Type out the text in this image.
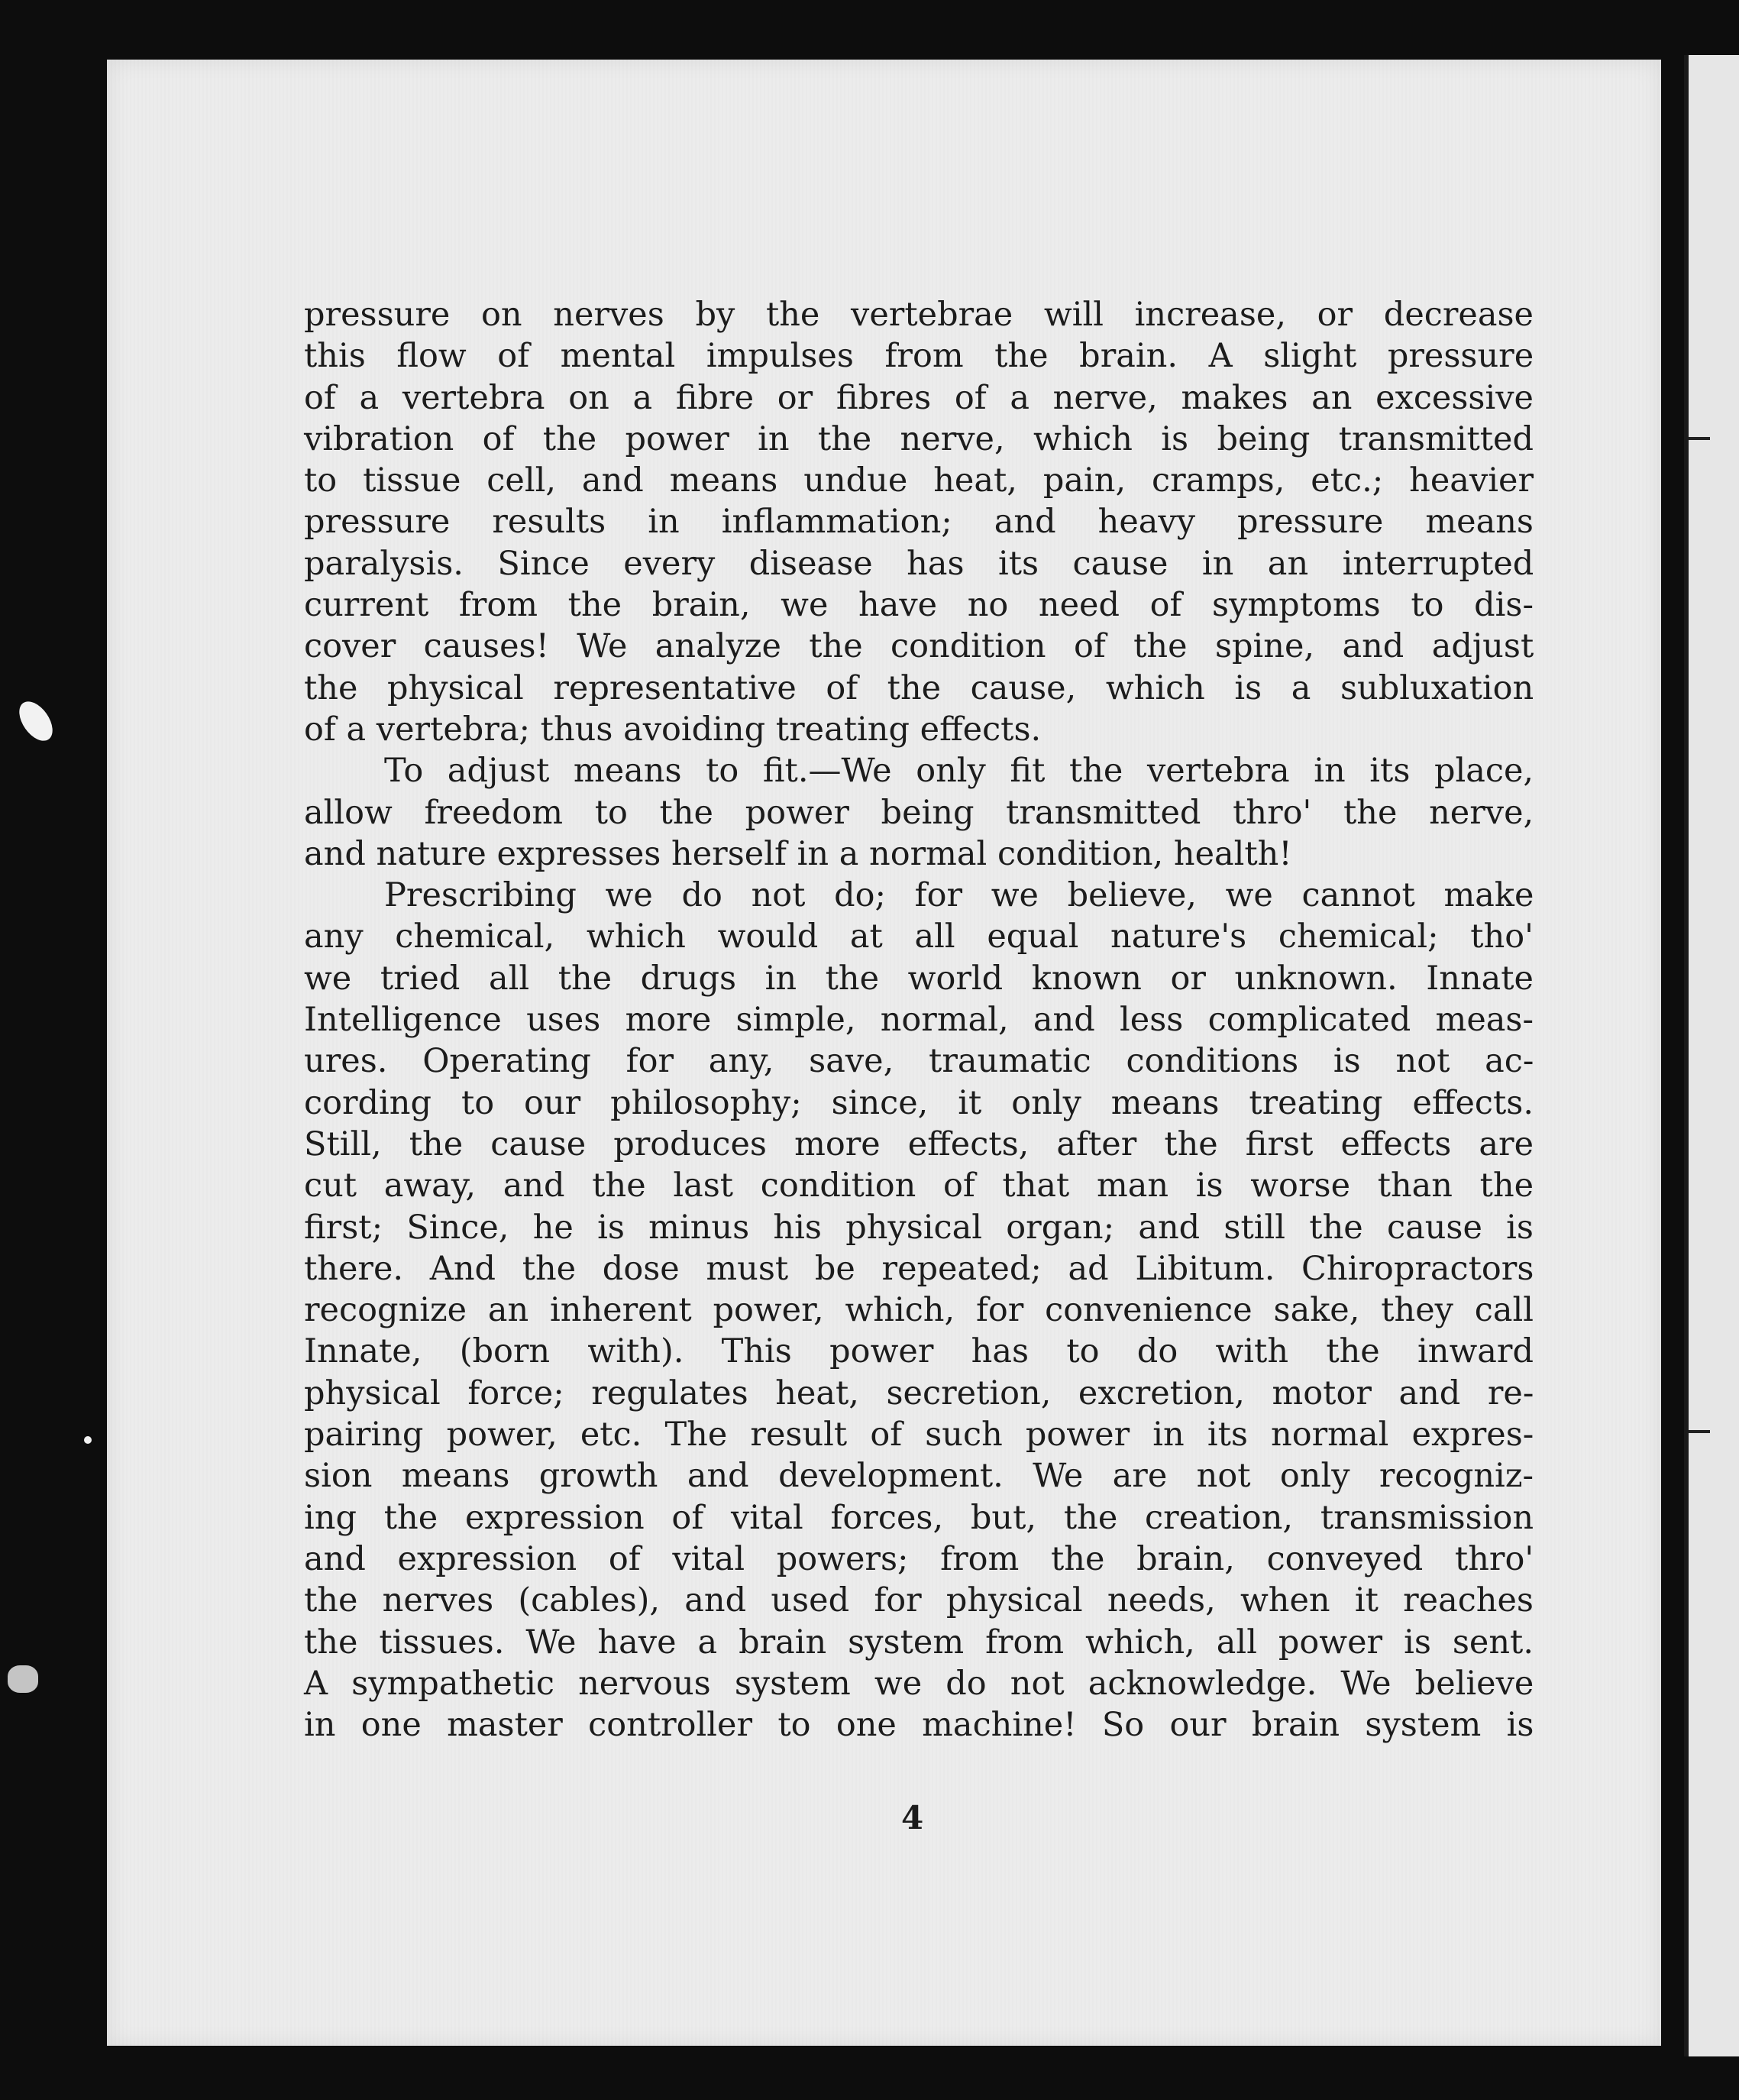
pressure on nerves by the vertebrae will increase, or decrease
this flow of mental impulses from the brain. A slight pressure
of a vertebra on a fibre or fibres of a nerve, makes an excessive
vibration of the power in the nerve, which is being transmitted
to tissue cell, and means undue heat, pain, cramps, etc.; heavier
pressure results in inflammation; and heavy pressure means
paralysis. Since every disease has its cause in an interrupted
current from the brain, we have no need of symptoms to dis-
cover causes! We analyze the condition of the spine, and adjust
the physical representative of the cause, which is a subluxation
of a vertebra; thus avoiding treating effects.

To adjust means to fit.—We only fit the vertebra in its place,
allow freedom to the power being transmitted thro' the nerve,
and nature expresses herself in a normal condition, health!

Prescribing we do not do; for we believe, we cannot make
any chemical, which would at all equal nature's chemical; tho'
we tried all the drugs in the world known or unknown. Innate
Intelligence uses more simple, normal, and less complicated meas-
ures. Operating for any, save, traumatic conditions is not ac-
cording to our philosophy; since, it only means treating effects.
Still, the cause produces more effects, after the first effects are
cut away, and the last condition of that man is worse than the
first; Since, he is minus his physical organ; and still the cause is
there. And the dose must be repeated; ad Libitum. Chiropractors
recognize an inherent power, which, for convenience sake, they call
Innate, (born with). This power has to do with the inward
physical force; regulates heat, secretion, excretion, motor and re-
pairing power, etc. The result of such power in its normal expres-
sion means growth and development. We are not only recogniz-
ing the expression of vital forces, but, the creation, transmission
and expression of vital powers; from the brain, conveyed thro'
the nerves (cables), and used for physical needs, when it reaches
the tissues. We have a brain system from which, all power is sent.
A sympathetic nervous system we do not acknowledge. We believe
in one master controller to one machine! So our brain system is

4
